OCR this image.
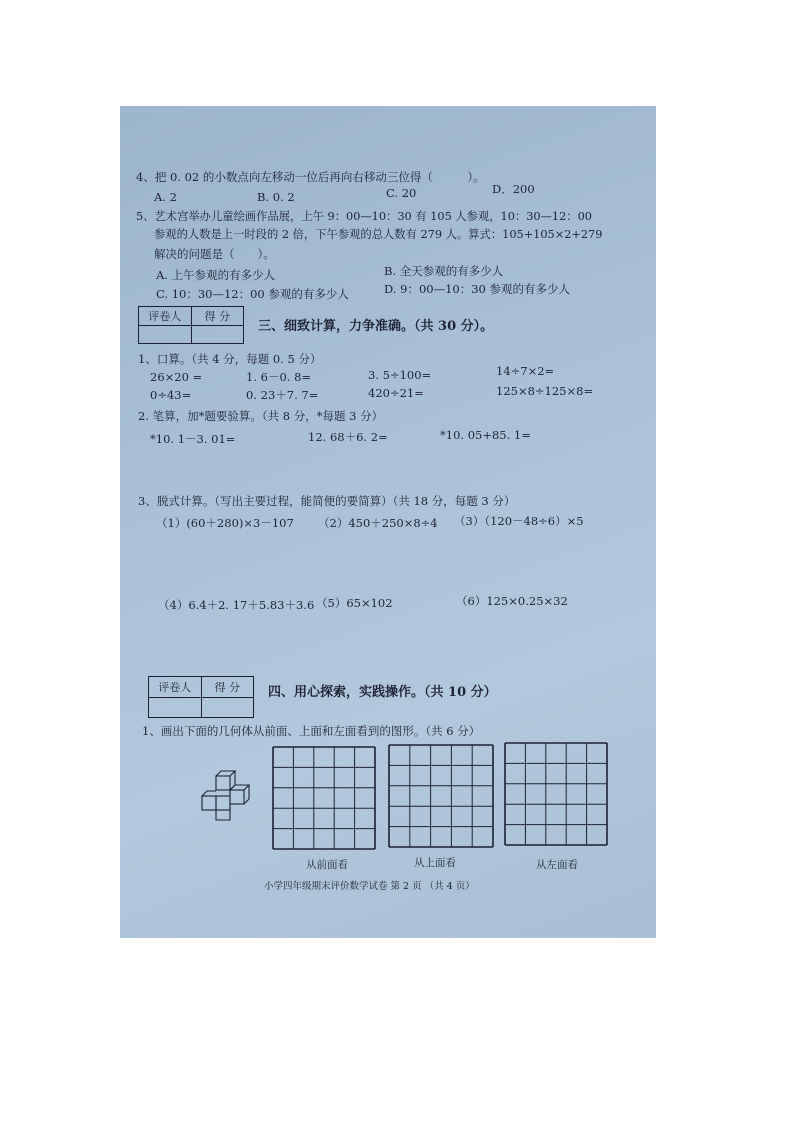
4、把 0. 02 的小数点向左移动一位后再向右移动三位得（　　　）。
A. 2	B. 0. 2	C. 20	D．200
5、艺术宫举办儿童绘画作品展，上午 9：00—10：30 有 105 人参观，10：30—12：00
参观的人数是上一时段的 2 倍，下午参观的总人数有 279 人。算式：105+105×2+279
解决的问题是（　　）。
A. 上午参观的有多少人	B. 全天参观的有多少人
C. 10：30—12：00 参观的有多少人	D. 9：00—10：30 参观的有多少人
评卷人	得 分
三、细致计算，力争准确。（共 30 分）。
1、口算。（共 4 分，每题 0. 5 分）
26×20 =	1. 6－0. 8=	3. 5÷100=	14÷7×2=
0÷43=	0. 23＋7. 7=	420÷21=	125×8÷125×8=
2. 笔算，加*题要验算。（共 8 分，*每题 3 分）
*10. 1－3. 01=	12. 68＋6. 2=	*10. 05+85. 1=
3、脱式计算。（写出主要过程，能简便的要简算）（共 18 分，每题 3 分）
（1）(60＋280)×3－107 （2）450＋250×8÷4 （3）（120－48÷6）×5
（4）6.4＋2. 17＋5.83＋3.6 （5）65×102	（6）125×0.25×32
评卷人	得 分	四、用心探索，实践操作。（共 10 分）
1、画出下面的几何体从前面、上面和左面看到的图形。（共 6 分）
从前面看	从上面看	从左面看
小学四年级期末评价数学试卷 第 2 页 （共 4 页）
